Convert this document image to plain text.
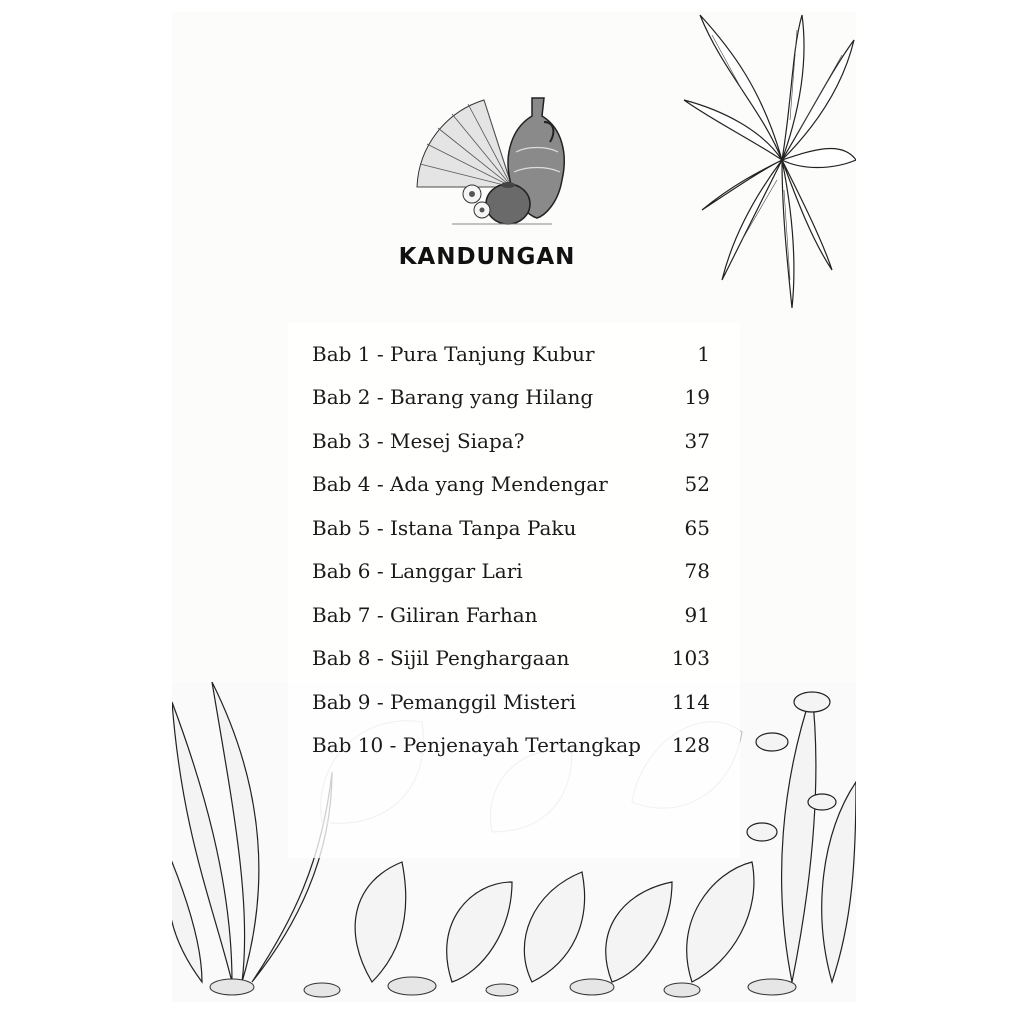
KANDUNGAN
Bab 1 - Pura Tanjung Kubur	1
Bab 2 - Barang yang Hilang	19
Bab 3 - Mesej Siapa?	37
Bab 4 - Ada yang Mendengar	52
Bab 5 - Istana Tanpa Paku	65
Bab 6 - Langgar Lari	78
Bab 7 - Giliran Farhan	91
Bab 8 - Sijil Penghargaan	103
Bab 9 - Pemanggil Misteri	114
Bab 10 - Penjenayah Tertangkap 128
